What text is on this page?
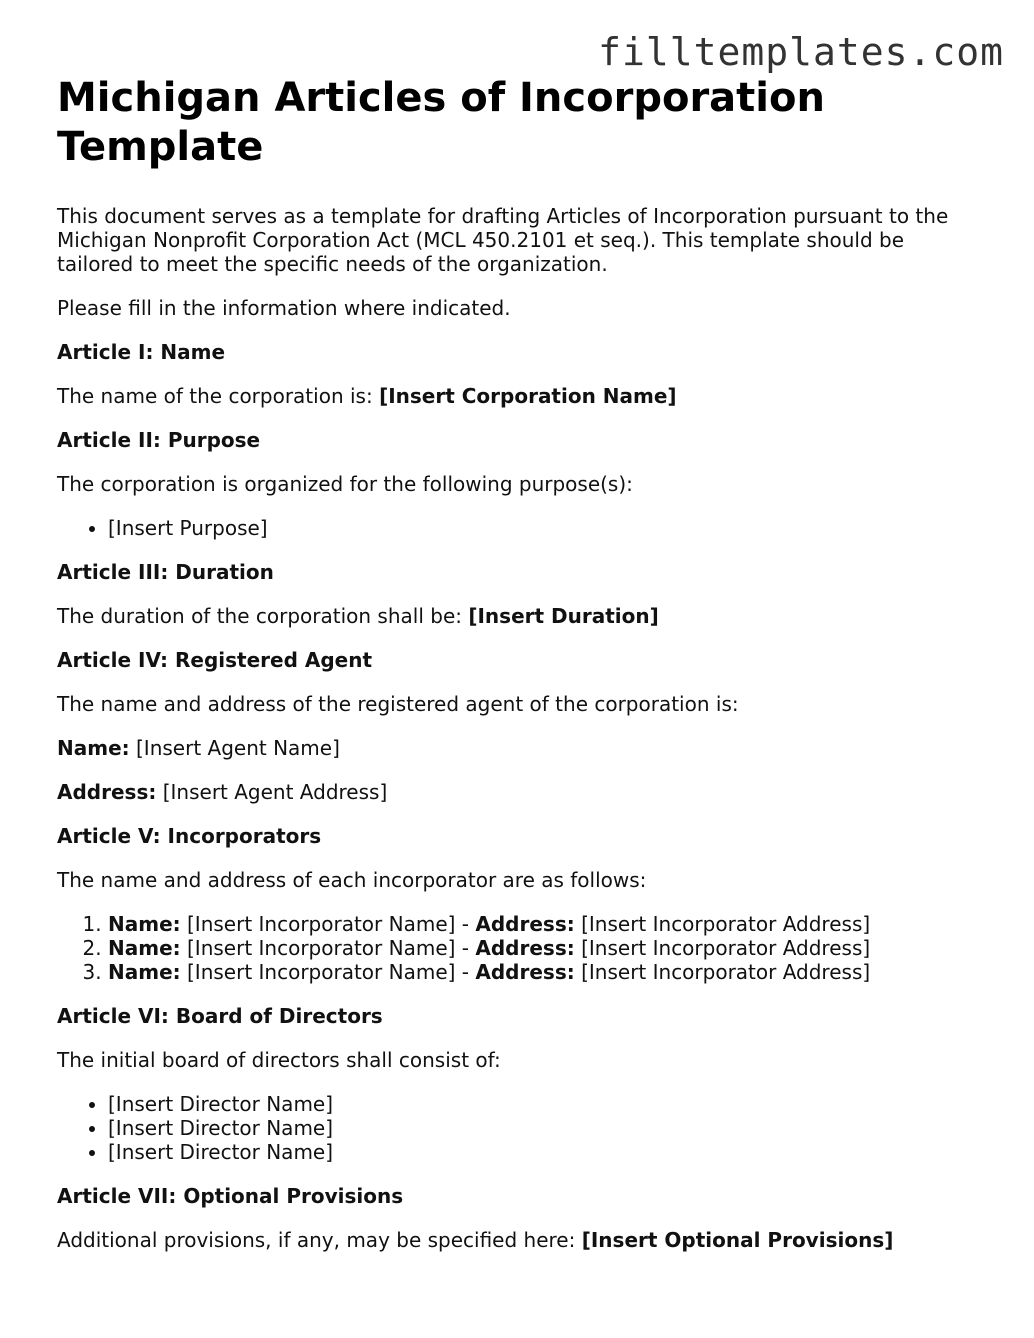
filltemplates.com
Michigan Articles of Incorporation Template

This document serves as a template for drafting Articles of Incorporation pursuant to the Michigan Nonprofit Corporation Act (MCL 450.2101 et seq.). This template should be tailored to meet the specific needs of the organization.

Please fill in the information where indicated.

Article I: Name

The name of the corporation is: [Insert Corporation Name]

Article II: Purpose

The corporation is organized for the following purpose(s):

• [Insert Purpose]

Article III: Duration

The duration of the corporation shall be: [Insert Duration]

Article IV: Registered Agent

The name and address of the registered agent of the corporation is:

Name: [Insert Agent Name]

Address: [Insert Agent Address]

Article V: Incorporators

The name and address of each incorporator are as follows:

1. Name: [Insert Incorporator Name] - Address: [Insert Incorporator Address]
2. Name: [Insert Incorporator Name] - Address: [Insert Incorporator Address]
3. Name: [Insert Incorporator Name] - Address: [Insert Incorporator Address]

Article VI: Board of Directors

The initial board of directors shall consist of:

• [Insert Director Name]
• [Insert Director Name]
• [Insert Director Name]

Article VII: Optional Provisions

Additional provisions, if any, may be specified here: [Insert Optional Provisions]
